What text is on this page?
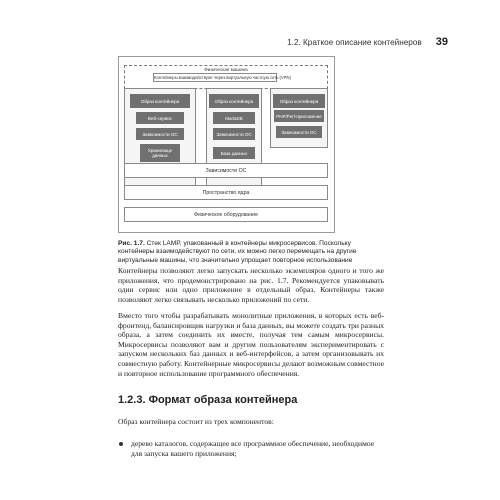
1.2. Краткое описание контейнеров 39
Физическая машина
Контейнеры взаимодействуют через виртуальную частную сеть (VPN)
Образ контейнера
Веб-сервис
Зависимости ОС
Хранилище данных
Образ контейнера
MariaDB
Зависимости ОС
База данных
Образ контейнера
PHP/Perl-приложение
Зависимости ОС
Зависимости ОС
Пространство ядра
Физическое оборудование
Рис. 1.7. Стек LAMP, упакованный в контейнеры микросервисов. Поскольку контейнеры взаимодействуют по сети, их можно легко перемещать на другие виртуальные машины, что значительно упрощает повторное использование
Контейнеры позволяют легко запускать несколько экземпляров одного и того же приложения, что продемонстрировано на рис. 1.7. Рекомендуется упаковывать один сервис или одно приложение в отдельный образ. Контейнеры также позволяют легко связывать несколько приложений по сети.
Вместо того чтобы разрабатывать монолитные приложения, в которых есть веб-фронтенд, балансировщик нагрузки и база данных, вы можете создать три разных образа, а затем соединить их вместе, получая тем самым микросервисы. Микросервисы позволяют вам и другим пользователям экспериментировать с запуском нескольких баз данных и веб-интерфейсов, а затем организовывать их совместную работу. Контейнерные микросервисы делают возможным совместное и повторное использование программного обеспечения.
1.2.3. Формат образа контейнера
Образ контейнера состоит из трех компонентов:
дерево каталогов, содержащее все программное обеспечение, необходимое для запуска вашего приложения;
